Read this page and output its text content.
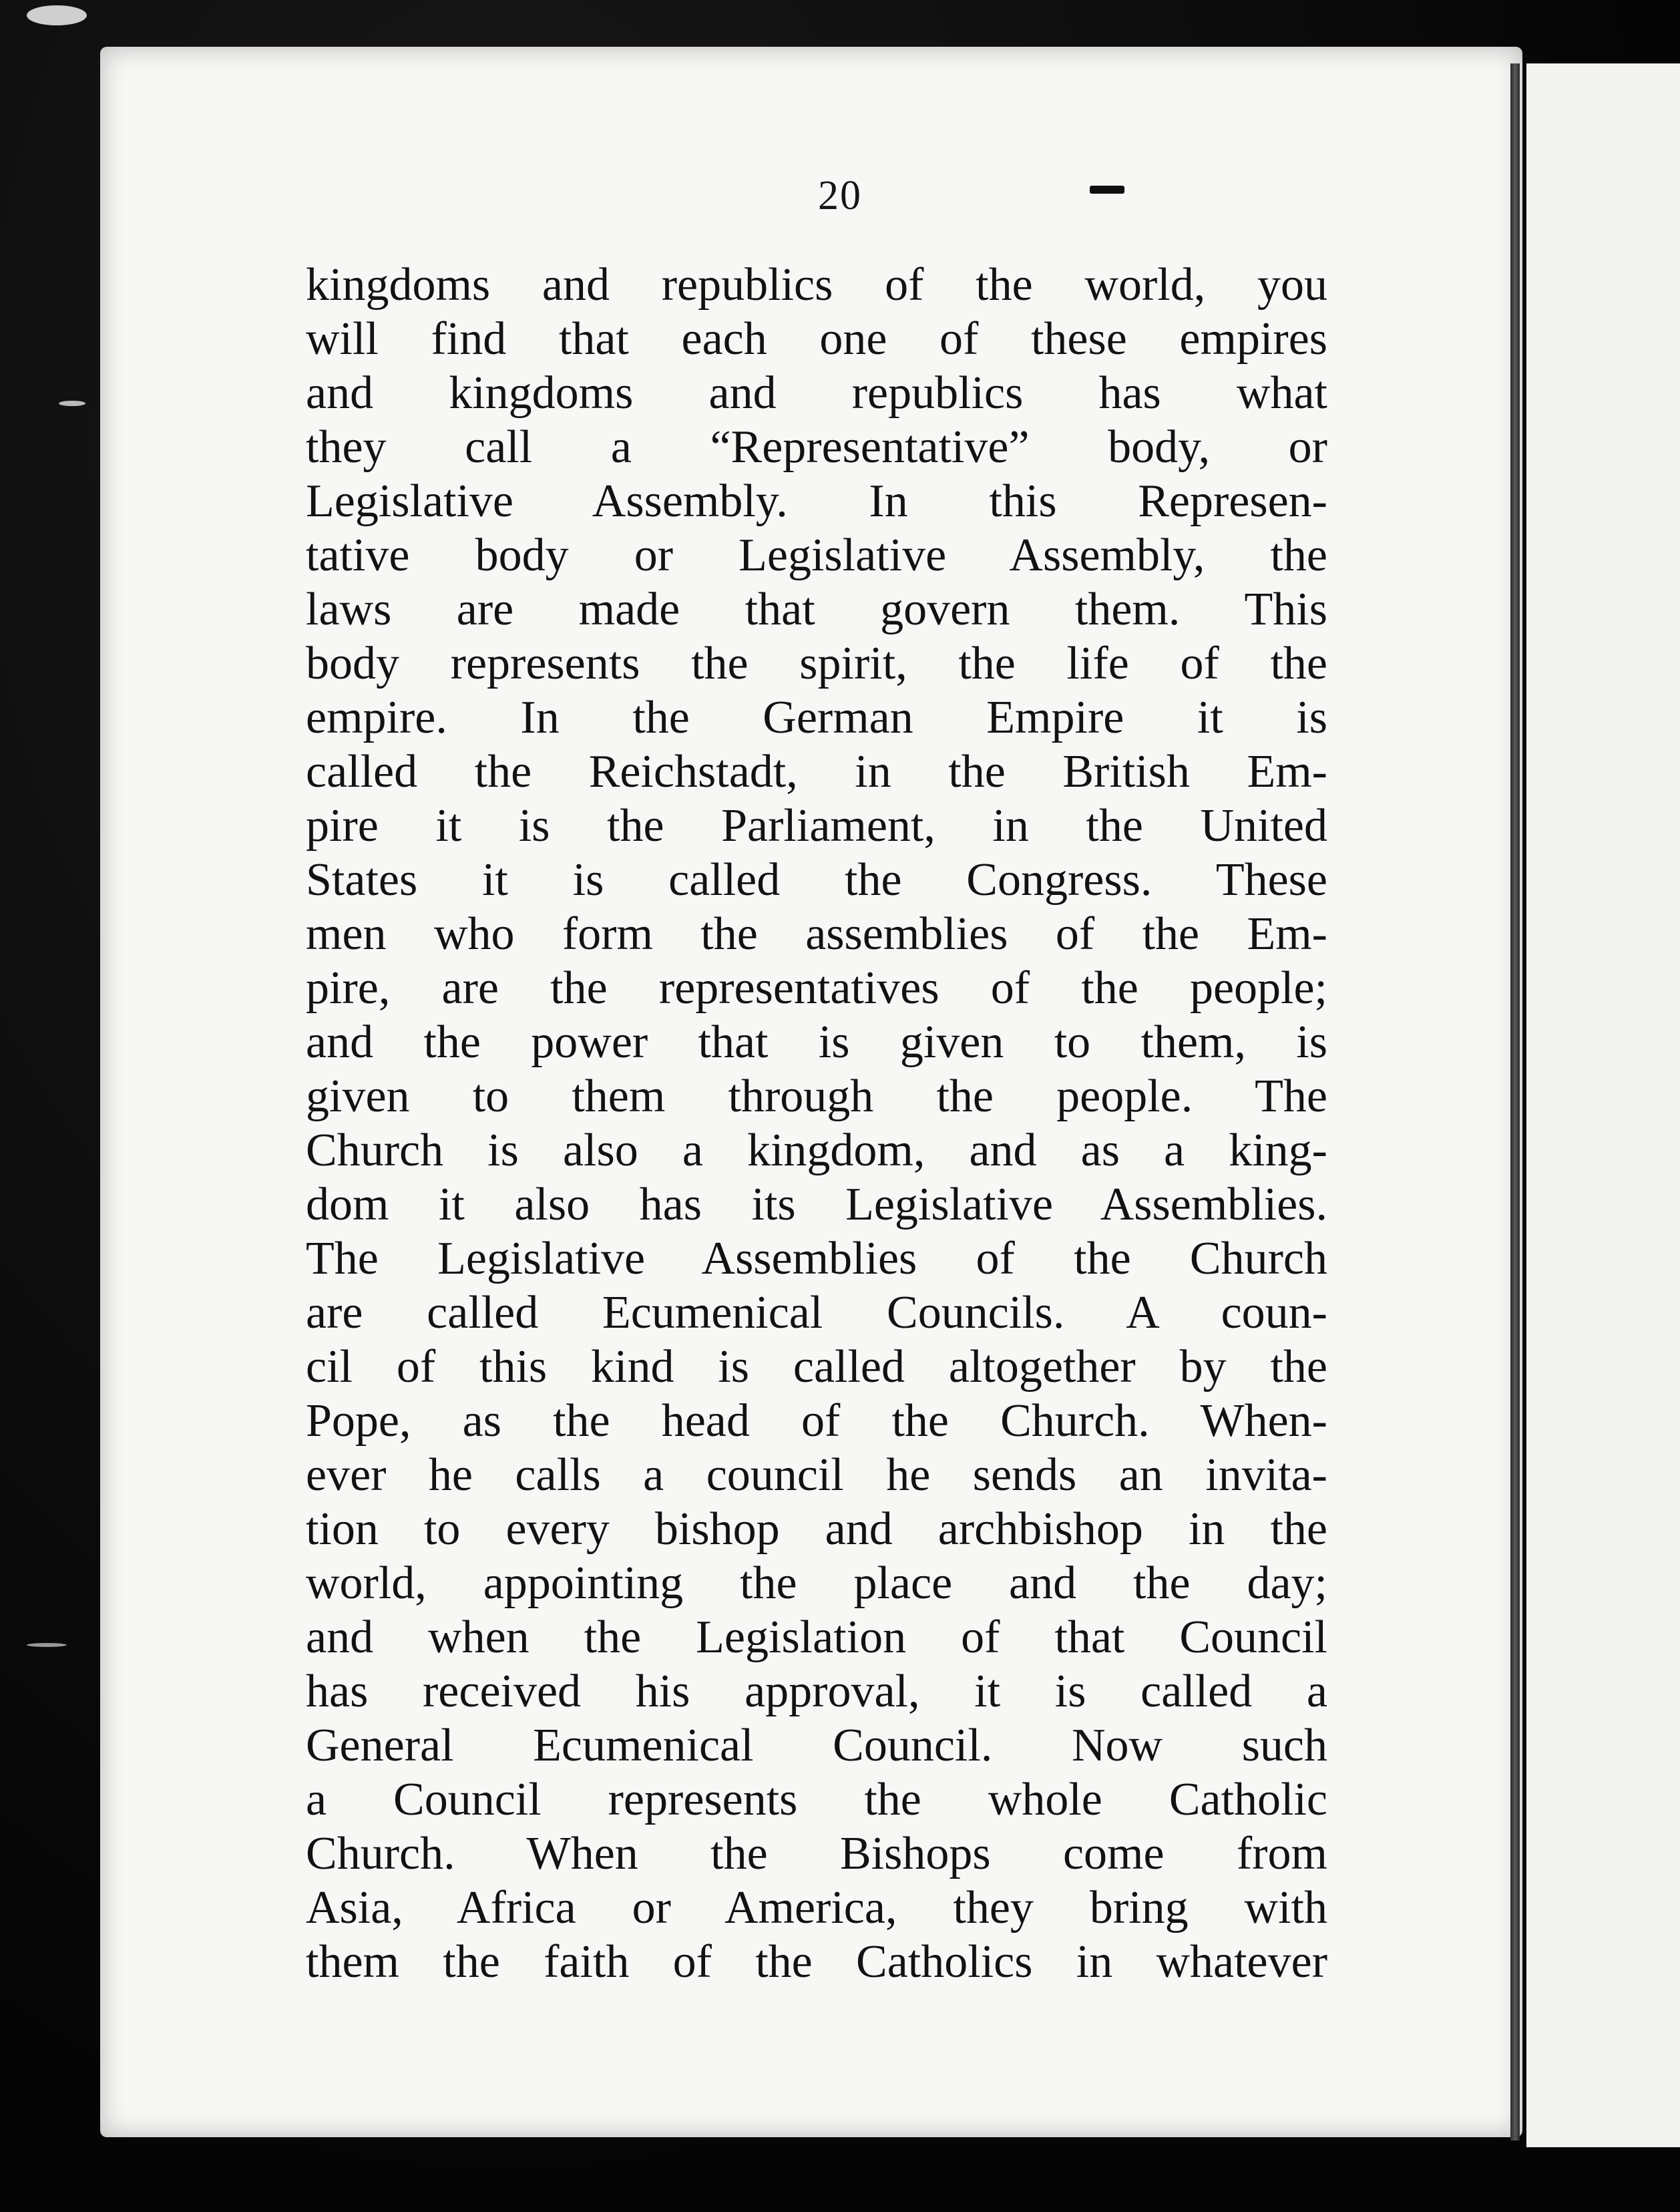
20
kingdoms and republics of the world, you
will find that each one of these empires
and kingdoms and republics has what
they call a “Representative” body, or
Legislative Assembly. In this Represen-
tative body or Legislative Assembly, the
laws are made that govern them. This
body represents the spirit, the life of the
empire. In the German Empire it is
called the Reichstadt, in the British Em-
pire it is the Parliament, in the United
States it is called the Congress. These
men who form the assemblies of the Em-
pire, are the representatives of the people;
and the power that is given to them, is
given to them through the people. The
Church is also a kingdom, and as a king-
dom it also has its Legislative Assemblies.
The Legislative Assemblies of the Church
are called Ecumenical Councils. A coun-
cil of this kind is called altogether by the
Pope, as the head of the Church. When-
ever he calls a council he sends an invita-
tion to every bishop and archbishop in the
world, appointing the place and the day;
and when the Legislation of that Council
has received his approval, it is called a
General Ecumenical Council. Now such
a Council represents the whole Catholic
Church. When the Bishops come from
Asia, Africa or America, they bring with
them the faith of the Catholics in whatever
